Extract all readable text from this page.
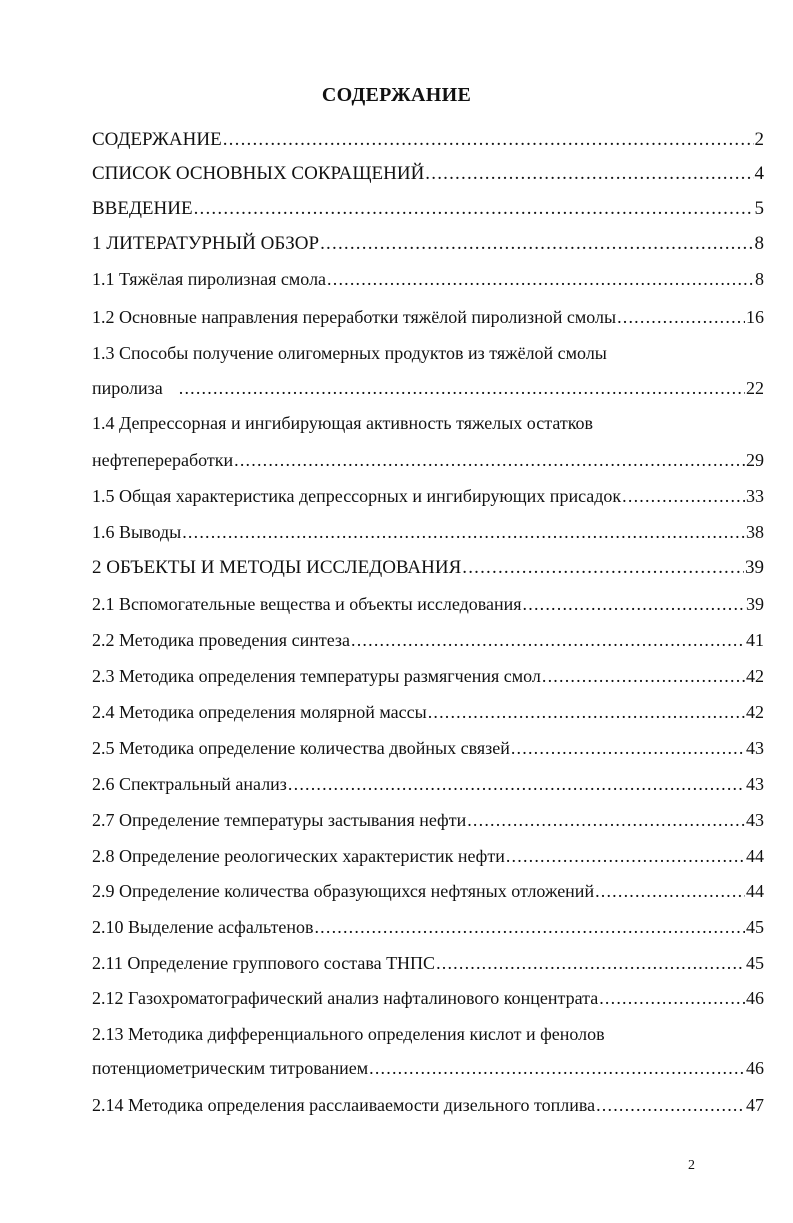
СОДЕРЖАНИЕ
СОДЕРЖАНИЕ .....	2
СПИСОК ОСНОВНЫХ СОКРАЩЕНИЙ .....	4
ВВЕДЕНИЕ .....	5
1 ЛИТЕРАТУРНЫЙ ОБЗОР .....	8
1.1 Тяжёлая пиролизная смола .....	8
1.2 Основные направления переработки тяжёлой пиролизной смолы .....	16
1.3 Способы получение олигомерных продуктов из тяжёлой смолы
пиролиза .....	22
1.4 Депрессорная и ингибирующая активность тяжелых остатков
нефтепереработки .....	29
1.5 Общая характеристика депрессорных и ингибирующих присадок .....	33
1.6 Выводы .....	38
2 ОБЪЕКТЫ И МЕТОДЫ ИССЛЕДОВАНИЯ .....	39
2.1 Вспомогательные вещества и объекты исследования .....	39
2.2 Методика проведения синтеза .....	41
2.3 Методика определения температуры размягчения смол .....	42
2.4 Методика определения молярной массы .....	42
2.5 Методика определение количества двойных связей .....	43
2.6 Спектральный анализ .....	43
2.7 Определение температуры застывания нефти .....	43
2.8 Определение реологических характеристик нефти .....	44
2.9 Определение количества образующихся нефтяных отложений .....	44
2.10 Выделение асфальтенов .....	45
2.11 Определение группового состава ТНПС .....	45
2.12 Газохроматографический анализ нафталинового концентрата .....	46
2.13 Методика дифференциального определения кислот и фенолов
потенциометрическим титрованием .....	46
2.14 Методика определения расслаиваемости дизельного топлива .....	47
2
